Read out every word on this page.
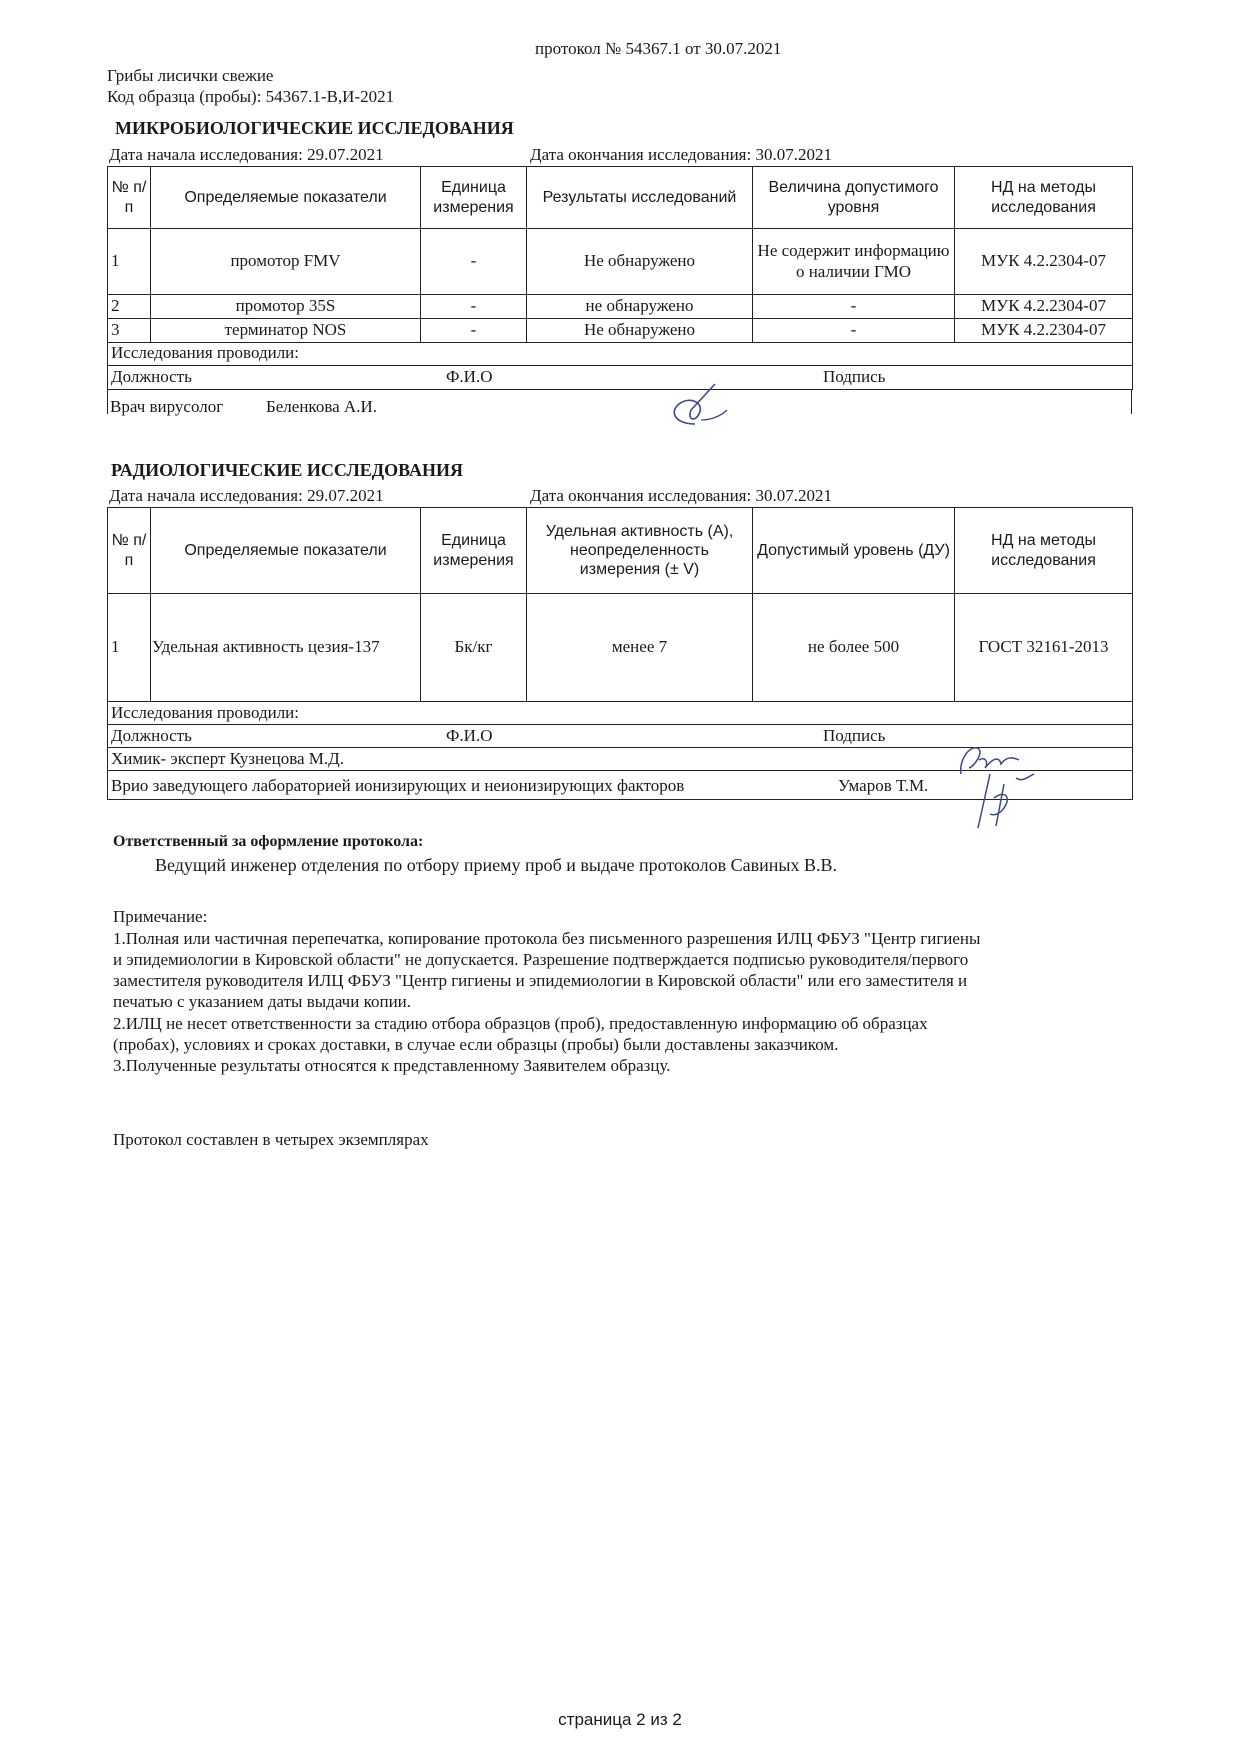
протокол № 54367.1 от 30.07.2021
Грибы лисички свежие
Код образца (пробы): 54367.1-В,И-2021
МИКРОБИОЛОГИЧЕСКИЕ ИССЛЕДОВАНИЯ
Дата начала исследования: 29.07.2021	Дата окончания исследования: 30.07.2021
№ п/п	Определяемые показатели	Единица измерения	Результаты исследований	Величина допустимого уровня	НД на методы исследования
1	промотор FMV	-	Не обнаружено	Не содержит информацию о наличии ГМО	МУК 4.2.2304-07
2	промотор 35S	-	не обнаружено	-	МУК 4.2.2304-07
3	терминатор NOS	-	Не обнаружено	-	МУК 4.2.2304-07
Исследования проводили:
Должность	Ф.И.О	Подпись
Врач вирусолог	Беленкова А.И.
РАДИОЛОГИЧЕСКИЕ ИССЛЕДОВАНИЯ
Дата начала исследования: 29.07.2021	Дата окончания исследования: 30.07.2021
№ п/п	Определяемые показатели	Единица измерения	Удельная активность (А), неопределенность измерения (± V)	Допустимый уровень (ДУ)	НД на методы исследования
1	Удельная активность цезия-137	Бк/кг	менее 7	не более 500	ГОСТ 32161-2013
Исследования проводили:
Должность	Ф.И.О	Подпись
Химик- эксперт Кузнецова М.Д.
Врио заведующего лабораторией ионизирующих и неионизирующих факторов	Умаров Т.М.
Ответственный за оформление протокола:
Ведущий инженер отделения по отбору приему проб и выдаче протоколов Савиных В.В.
Примечание:
1.Полная или частичная перепечатка, копирование протокола без письменного разрешения ИЛЦ ФБУЗ "Центр гигиены
и эпидемиологии в Кировской области" не допускается. Разрешение подтверждается подписью руководителя/первого
заместителя руководителя ИЛЦ ФБУЗ "Центр гигиены и эпидемиологии в Кировской области" или его заместителя и
печатью с указанием даты выдачи копии.
2.ИЛЦ не несет ответственности за стадию отбора образцов (проб), предоставленную информацию об образцах
(пробах), условиях и сроках доставки, в случае если образцы (пробы) были доставлены заказчиком.
3.Полученные результаты относятся к представленному Заявителем образцу.
Протокол составлен в четырех экземплярах
страница 2 из 2
